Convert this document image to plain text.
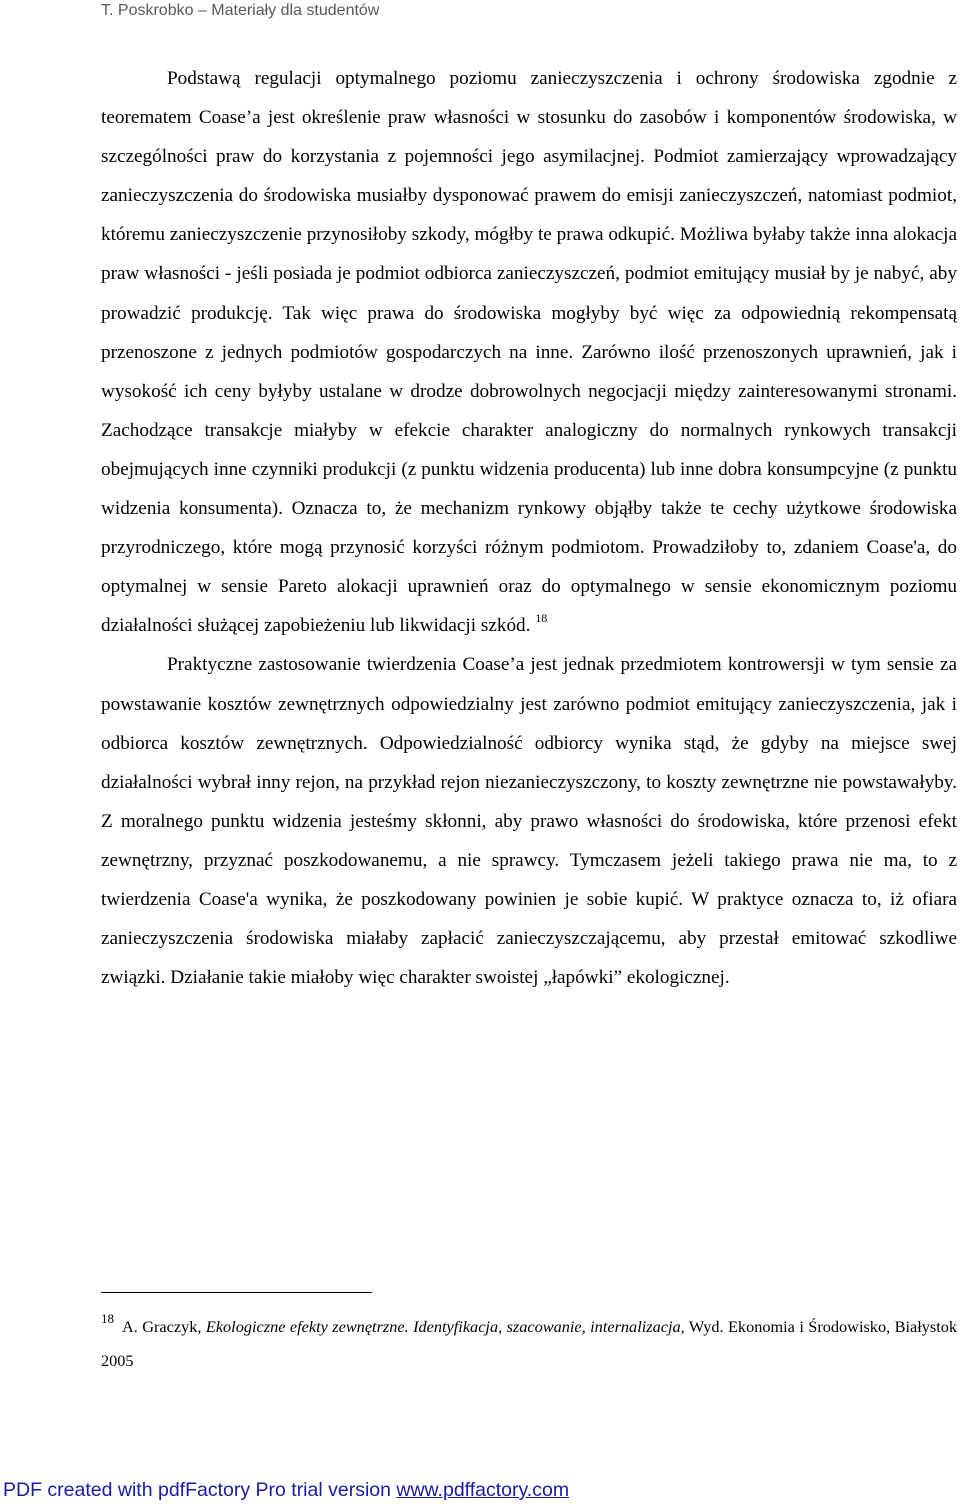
T. Poskrobko – Materiały dla studentów

Podstawą regulacji optymalnego poziomu zanieczyszczenia i ochrony środowiska zgodnie z teorematem Coase’a jest określenie praw własności w stosunku do zasobów i komponentów środowiska, w szczególności praw do korzystania z pojemności jego asymilacjnej. Podmiot zamierzający wprowadzający zanieczyszczenia do środowiska musiałby dysponować prawem do emisji zanieczyszczeń, natomiast podmiot, któremu zanieczyszczenie przynosiłoby szkody, mógłby te prawa odkupić. Możliwa byłaby także inna alokacja praw własności - jeśli posiada je podmiot odbiorca zanieczyszczeń, podmiot emitujący musiał by je nabyć, aby prowadzić produkcję. Tak więc prawa do środowiska mogłyby być więc za odpowiednią rekompensatą przenoszone z jednych podmiotów gospodarczych na inne. Zarówno ilość przenoszonych uprawnień, jak i wysokość ich ceny byłyby ustalane w drodze dobrowolnych negocjacji między zainteresowanymi stronami. Zachodzące transakcje miałyby w efekcie charakter analogiczny do normalnych rynkowych transakcji obejmujących inne czynniki produkcji (z punktu widzenia producenta) lub inne dobra konsumpcyjne (z punktu widzenia konsumenta). Oznacza to, że mechanizm rynkowy objąłby także te cechy użytkowe środowiska przyrodniczego, które mogą przynosić korzyści różnym podmiotom. Prowadziłoby to, zdaniem Coase'a, do optymalnej w sensie Pareto alokacji uprawnień oraz do optymalnego w sensie ekonomicznym poziomu działalności służącej zapobieżeniu lub likwidacji szkód. $^{18}$

Praktyczne zastosowanie twierdzenia Coase’a jest jednak przedmiotem kontrowersji w tym sensie za powstawanie kosztów zewnętrznych odpowiedzialny jest zarówno podmiot emitujący zanieczyszczenia, jak i odbiorca kosztów zewnętrznych. Odpowiedzialność odbiorcy wynika stąd, że gdyby na miejsce swej działalności wybrał inny rejon, na przykład rejon niezanieczyszczony, to koszty zewnętrzne nie powstawałyby. Z moralnego punktu widzenia jesteśmy skłonni, aby prawo własności do środowiska, które przenosi efekt zewnętrzny, przyznać poszkodowanemu, a nie sprawcy. Tymczasem jeżeli takiego prawa nie ma, to z twierdzenia Coase'a wynika, że poszkodowany powinien je sobie kupić. W praktyce oznacza to, iż ofiara zanieczyszczenia środowiska miałaby zapłacić zanieczyszczającemu, aby przestał emitować szkodliwe związki. Działanie takie miałoby więc charakter swoistej „łapówki” ekologicznej.

$^{18}$ A. Graczyk, Ekologiczne efekty zewnętrzne. Identyfikacja, szacowanie, internalizacja, Wyd. Ekonomia i Środowisko, Białystok 2005
PDF created with pdfFactory Pro trial version www.pdffactory.com
